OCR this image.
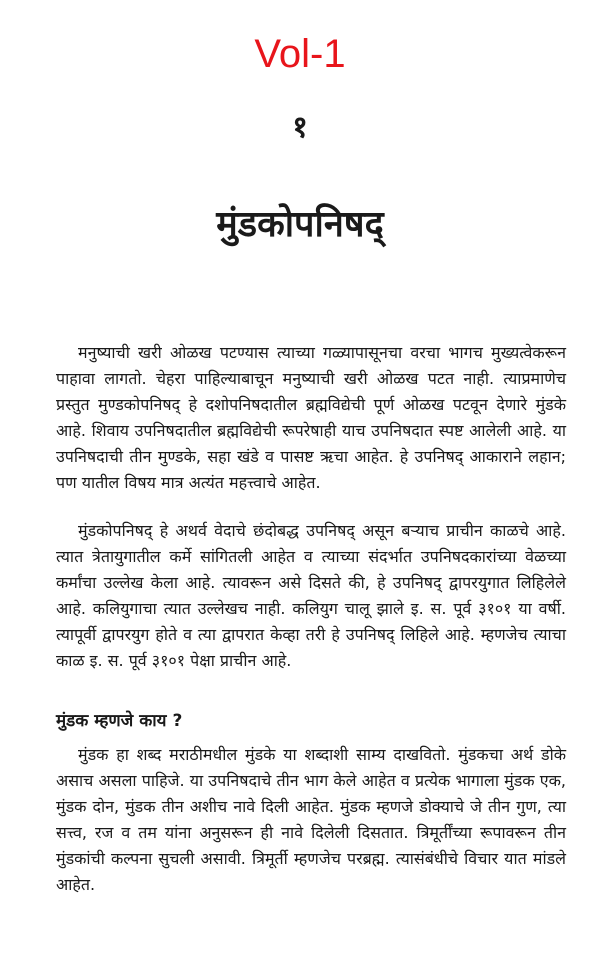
Vol-1
१
मुंडकोपनिषद्

मनुष्याची खरी ओळख पटण्यास त्याच्या गळ्यापासूनचा वरचा भागच मुख्यत्वेकरून पाहावा लागतो. चेहरा पाहिल्याबाचून मनुष्याची खरी ओळख पटत नाही. त्याप्रमाणेच प्रस्तुत मुण्डकोपनिषद् हे दशोपनिषदातील ब्रह्मविद्येची पूर्ण ओळख पटवून देणारे मुंडके आहे. शिवाय उपनिषदातील ब्रह्मविद्येची रूपरेषाही याच उपनिषदात स्पष्ट आलेली आहे. या उपनिषदाची तीन मुण्डके, सहा खंडे व पासष्ट ऋचा आहेत. हे उपनिषद् आकाराने लहान; पण यातील विषय मात्र अत्यंत महत्त्वाचे आहेत.

मुंडकोपनिषद् हे अथर्व वेदाचे छंदोबद्ध उपनिषद् असून बऱ्याच प्राचीन काळचे आहे. त्यात त्रेतायुगातील कर्मे सांगितली आहेत व त्याच्या संदर्भात उपनिषदकारांच्या वेळच्या कर्मांचा उल्लेख केला आहे. त्यावरून असे दिसते की, हे उपनिषद् द्वापरयुगात लिहिलेले आहे. कलियुगाचा त्यात उल्लेखच नाही. कलियुग चालू झाले इ. स. पूर्व ३१०१ या वर्षी. त्यापूर्वी द्वापरयुग होते व त्या द्वापरात केव्हा तरी हे उपनिषद् लिहिले आहे. म्हणजेच त्याचा काळ इ. स. पूर्व ३१०१ पेक्षा प्राचीन आहे.

मुंडक म्हणजे काय ?

मुंडक हा शब्द मराठीमधील मुंडके या शब्दाशी साम्य दाखवितो. मुंडकचा अर्थ डोके असाच असला पाहिजे. या उपनिषदाचे तीन भाग केले आहेत व प्रत्येक भागाला मुंडक एक, मुंडक दोन, मुंडक तीन अशीच नावे दिली आहेत. मुंडक म्हणजे डोक्याचे जे तीन गुण, त्या सत्त्व, रज व तम यांना अनुसरून ही नावे दिलेली दिसतात. त्रिमूर्तींच्या रूपावरून तीन मुंडकांची कल्पना सुचली असावी. त्रिमूर्ती म्हणजेच परब्रह्म. त्यासंबंधीचे विचार यात मांडले आहेत.
